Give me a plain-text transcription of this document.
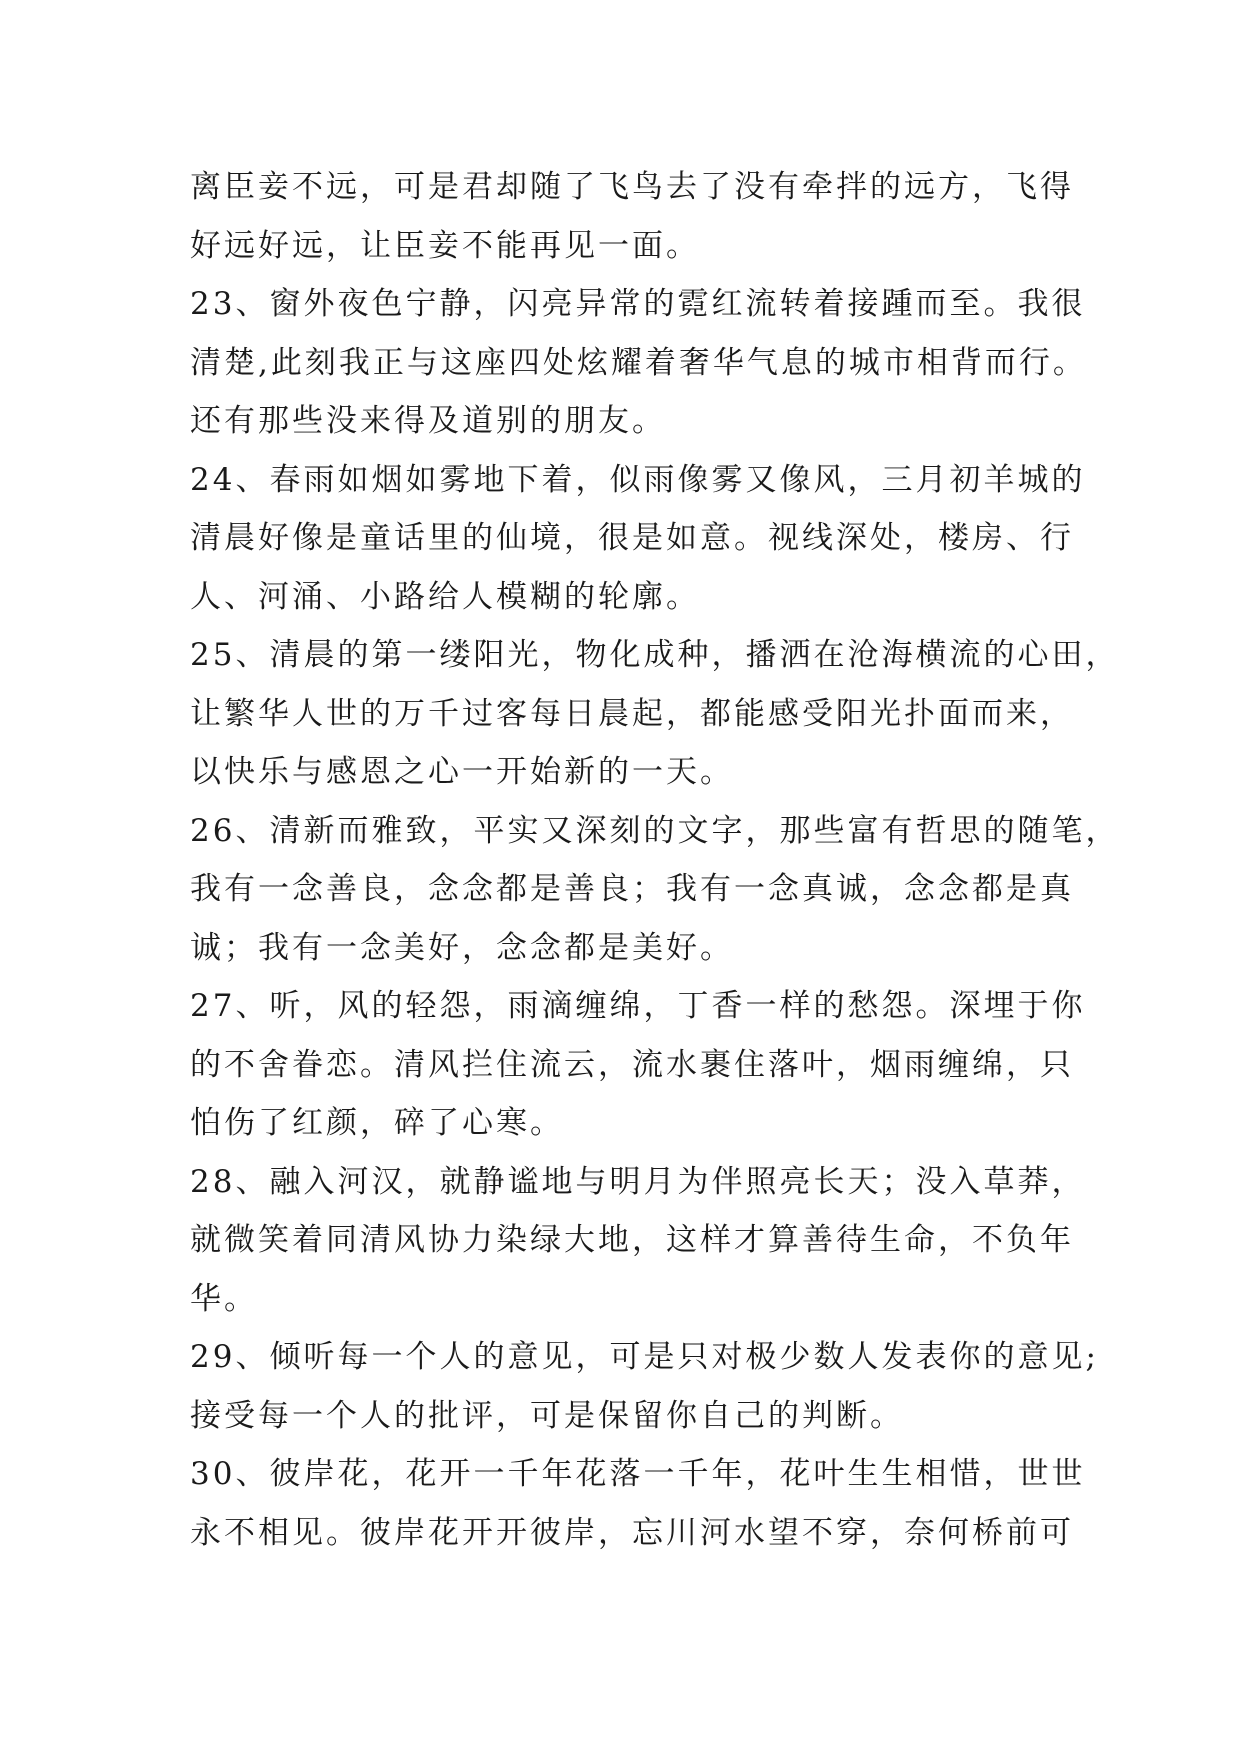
离臣妾不远，可是君却随了飞鸟去了没有牵拌的远方，飞得
好远好远，让臣妾不能再见一面。
23、窗外夜色宁静，闪亮异常的霓红流转着接踵而至。我很
清楚,此刻我正与这座四处炫耀着奢华气息的城市相背而行。
还有那些没来得及道别的朋友。
24、春雨如烟如雾地下着，似雨像雾又像风，三月初羊城的
清晨好像是童话里的仙境，很是如意。视线深处，楼房、行
人、河涌、小路给人模糊的轮廓。
25、清晨的第一缕阳光，物化成种，播洒在沧海横流的心田，
让繁华人世的万千过客每日晨起，都能感受阳光扑面而来，
以快乐与感恩之心一开始新的一天。
26、清新而雅致，平实又深刻的文字，那些富有哲思的随笔，
我有一念善良，念念都是善良；我有一念真诚，念念都是真
诚；我有一念美好，念念都是美好。
27、听，风的轻怨，雨滴缠绵，丁香一样的愁怨。深埋于你
的不舍眷恋。清风拦住流云，流水裹住落叶，烟雨缠绵，只
怕伤了红颜，碎了心寒。
28、融入河汉，就静谧地与明月为伴照亮长天；没入草莽，
就微笑着同清风协力染绿大地，这样才算善待生命，不负年
华。
29、倾听每一个人的意见，可是只对极少数人发表你的意见;
接受每一个人的批评，可是保留你自己的判断。
30、彼岸花，花开一千年花落一千年，花叶生生相惜，世世
永不相见。彼岸花开开彼岸，忘川河水望不穿，奈何桥前可
